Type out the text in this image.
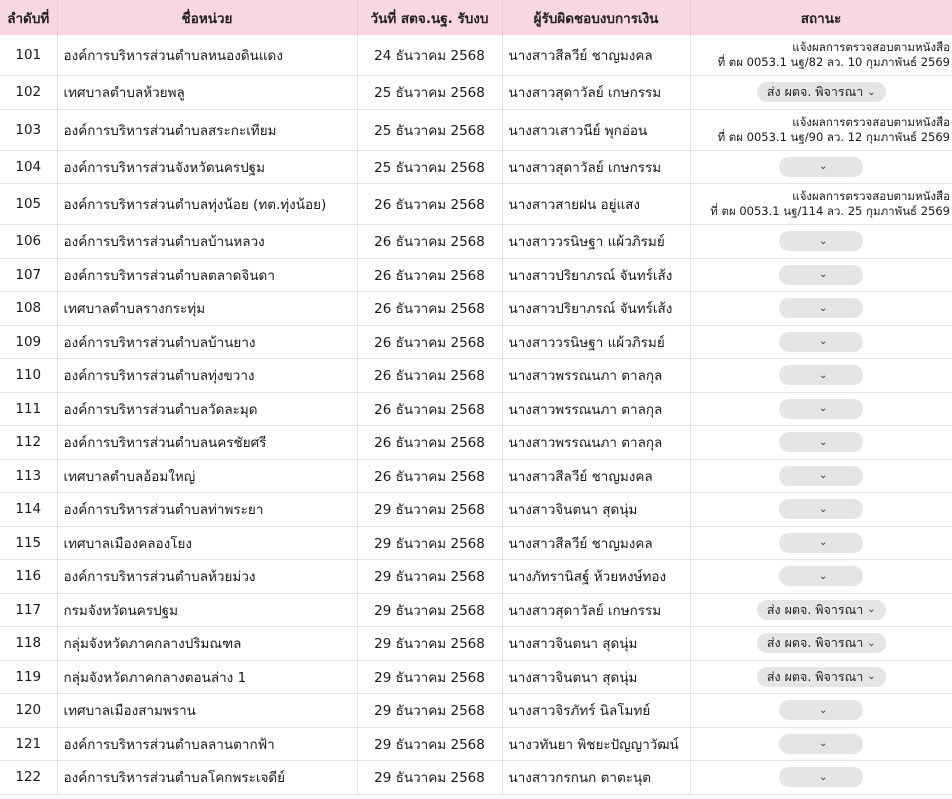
ลำดับที่	ชื่อหน่วย	วันที่ สตจ.นฐ. รับงบ	ผู้รับผิดชอบงบการเงิน	สถานะ
101	องค์การบริหารส่วนตำบลหนองดินแดง	24 ธันวาคม 2568	นางสาวสีลวีย์ ชาญมงคล	แจ้งผลการตรวจสอบตามหนังสือ
ที่ ตผ 0053.1 นฐ/82 ลว. 10 กุมภาพันธ์ 2569

102	เทศบาลตำบลห้วยพลู	25 ธันวาคม 2568	นางสาวสุดาวัลย์ เกษกรรม	ส่ง ผตจ. พิจารณา ⌄

103	องค์การบริหารส่วนตำบลสระกะเทียม	25 ธันวาคม 2568	นางสาวเสาวนีย์ พุกอ่อน	แจ้งผลการตรวจสอบตามหนังสือ
ที่ ตผ 0053.1 นฐ/90 ลว. 12 กุมภาพันธ์ 2569

104	องค์การบริหารส่วนจังหวัดนครปฐม	25 ธันวาคม 2568	นางสาวสุดาวัลย์ เกษกรรม	⌄

105	องค์การบริหารส่วนตำบลทุ่งน้อย (ทต.ทุ่งน้อย)	26 ธันวาคม 2568	นางสาวสายฝน อยู่แสง	แจ้งผลการตรวจสอบตามหนังสือ
ที่ ตผ 0053.1 นฐ/114 ลว. 25 กุมภาพันธ์ 2569

106	องค์การบริหารส่วนตำบลบ้านหลวง	26 ธันวาคม 2568	นางสาววรนิษฐา แผ้วภิรมย์	⌄

107	องค์การบริหารส่วนตำบลตลาดจินดา	26 ธันวาคม 2568	นางสาวปริยาภรณ์ จันทร์เส้ง	⌄

108	เทศบาลตำบลรางกระทุ่ม	26 ธันวาคม 2568	นางสาวปริยาภรณ์ จันทร์เส้ง	⌄

109	องค์การบริหารส่วนตำบลบ้านยาง	26 ธันวาคม 2568	นางสาววรนิษฐา แผ้วภิรมย์	⌄

110	องค์การบริหารส่วนตำบลทุ่งขวาง	26 ธันวาคม 2568	นางสาวพรรณนภา ตาลกุล	⌄

111	องค์การบริหารส่วนตำบลวัดละมุด	26 ธันวาคม 2568	นางสาวพรรณนภา ตาลกุล	⌄

112	องค์การบริหารส่วนตำบลนครชัยศรี	26 ธันวาคม 2568	นางสาวพรรณนภา ตาลกุล	⌄

113	เทศบาลตำบลอ้อมใหญ่	26 ธันวาคม 2568	นางสาวสีลวีย์ ชาญมงคล	⌄

114	องค์การบริหารส่วนตำบลท่าพระยา	29 ธันวาคม 2568	นางสาวจินตนา สุดนุ่ม	⌄

115	เทศบาลเมืองคลองโยง	29 ธันวาคม 2568	นางสาวสีลวีย์ ชาญมงคล	⌄

116	องค์การบริหารส่วนตำบลห้วยม่วง	29 ธันวาคม 2568	นางภัทรานิสฐ์ ห้วยหงษ์ทอง	⌄

117	กรมจังหวัดนครปฐม	29 ธันวาคม 2568	นางสาวสุดาวัลย์ เกษกรรม	ส่ง ผตจ. พิจารณา ⌄

118	กลุ่มจังหวัดภาคกลางปริมณฑล	29 ธันวาคม 2568	นางสาวจินตนา สุดนุ่ม	ส่ง ผตจ. พิจารณา ⌄

119	กลุ่มจังหวัดภาคกลางตอนล่าง 1	29 ธันวาคม 2568	นางสาวจินตนา สุดนุ่ม	ส่ง ผตจ. พิจารณา ⌄

120	เทศบาลเมืองสามพราน	29 ธันวาคม 2568	นางสาวจิรภัทร์ นิลโมทย์	⌄

121	องค์การบริหารส่วนตำบลลานตากฟ้า	29 ธันวาคม 2568	นางวทันยา พิชยะปัญญาวัฒน์	⌄

122	องค์การบริหารส่วนตำบลโคกพระเจดีย์	29 ธันวาคม 2568	นางสาวกรกนก ตาตะนุต	⌄
